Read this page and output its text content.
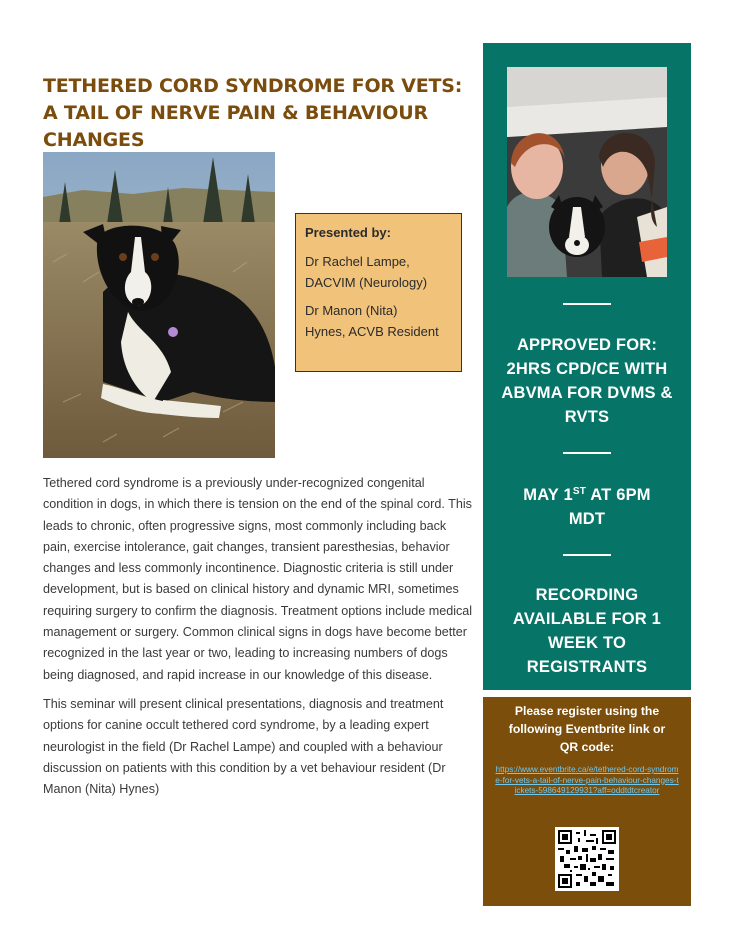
TETHERED CORD SYNDROME FOR VETS:
A TAIL OF NERVE PAIN & BEHAVIOUR
CHANGES
Presented by:

Dr Rachel Lampe,
DACVIM (Neurology)

Dr Manon (Nita)
Hynes, ACVB Resident

Tethered cord syndrome is a previously under-recognized congenital condition in dogs, in which there is tension on the end of the spinal cord. This leads to chronic, often progressive signs, most commonly including back pain, exercise intolerance, gait changes, transient paresthesias, behavior changes and less commonly incontinence. Diagnostic criteria is still under development, but is based on clinical history and dynamic MRI, sometimes requiring surgery to confirm the diagnosis. Treatment options include medical management or surgery. Common clinical signs in dogs have become better recognized in the last year or two, leading to increasing numbers of dogs being diagnosed, and rapid increase in our knowledge of this disease.

This seminar will present clinical presentations, diagnosis and treatment options for canine occult tethered cord syndrome, by a leading expert neurologist in the field (Dr Rachel Lampe) and coupled with a behaviour discussion on patients with this condition by a vet behaviour resident (Dr Manon (Nita) Hynes)

APPROVED FOR:
2HRS CPD/CE WITH
ABVMA FOR DVMS &
RVTS
MAY 1ST AT 6PM
MDT
RECORDING
AVAILABLE FOR 1
WEEK TO
REGISTRANTS
Please register using the
following Eventbrite link or
QR code:
https://www.eventbrite.ca/e/tethered-cord-syndrome-for-vets-a-tail-of-nerve-pain-behaviour-changes-tickets-598649129931?aff=oddtdtcreator
